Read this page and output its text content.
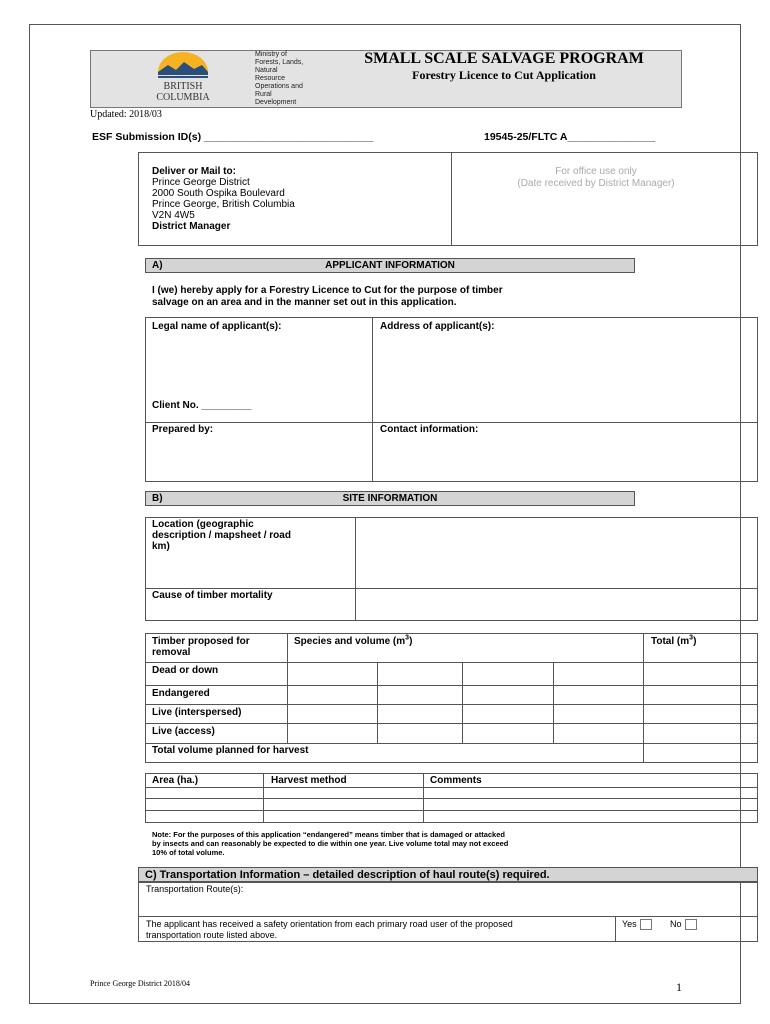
BRITISH
COLUMBIA
Ministry of
Forests, Lands,
Natural
Resource
Operations and
Rural
Development
SMALL SCALE SALVAGE PROGRAM
Forestry Licence to Cut Application
Updated: 2018/03
ESF Submission ID(s) _____________________________	19545-25/FLTC A_______________
Deliver or Mail to:
Prince George District
2000 South Ospika Boulevard
Prince George, British Columbia
V2N 4W5
District Manager
For office use only
(Date received by District Manager)
A)	APPLICANT INFORMATION
I (we) hereby apply for a Forestry Licence to Cut for the purpose of timber
salvage on an area and in the manner set out in this application.
Legal name of applicant(s):	Address of applicant(s):
Client No. _________
Prepared by:	Contact information:
B)	SITE INFORMATION
Location (geographic
description / mapsheet / road
km)
Cause of timber mortality
Timber proposed for
removal
Species and volume $(m^3)$	Total $(m^3)$
Dead or down
Endangered
Live (interspersed)
Live (access)
Total volume planned for harvest
Area (ha.)	Harvest method	Comments
Note: For the purposes of this application “endangered” means timber that is damaged or attacked
by insects and can reasonably be expected to die within one year. Live volume total may not exceed
10% of total volume.
C) Transportation Information – detailed description of haul route(s) required.
Transportation Route(s):
The applicant has received a safety orientation from each primary road user of the proposed
transportation route listed above.
Yes	No
Prince George District 2018/04	1
